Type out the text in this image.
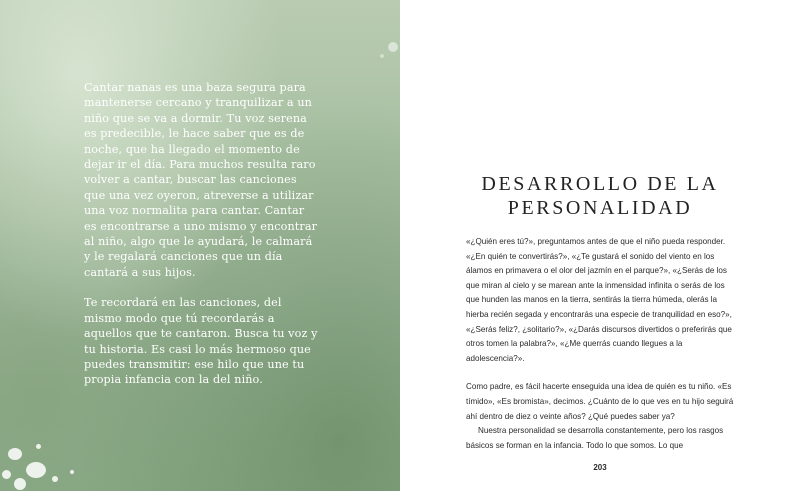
Cantar nanas es una baza segura para mantenerse cercano y tranquilizar a un niño que se va a dormir. Tu voz serena es predecible, le hace saber que es de noche, que ha llegado el momento de dejar ir el día. Para muchos resulta raro volver a cantar, buscar las canciones que una vez oyeron, atreverse a utilizar una voz normalita para cantar. Cantar es encontrarse a uno mismo y encontrar al niño, algo que le ayudará, le calmará y le regalará canciones que un día cantará a sus hijos.

Te recordará en las canciones, del mismo modo que tú recordarás a aquellos que te cantaron. Busca tu voz y tu historia. Es casi lo más hermoso que puedes transmitir: ese hilo que une tu propia infancia con la del niño.

DESARROLLO DE LA
PERSONALIDAD

«¿Quién eres tú?», preguntamos antes de que el niño pueda responder. «¿En quién te convertirás?», «¿Te gustará el sonido del viento en los álamos en primavera o el olor del jazmín en el parque?», «¿Serás de los que miran al cielo y se marean ante la inmensidad infinita o serás de los que hunden las manos en la tierra, sentirás la tierra húmeda, olerás la hierba recién segada y encontrarás una especie de tranquilidad en eso?», «¿Serás feliz?, ¿solitario?», «¿Darás discursos divertidos o preferirás que otros tomen la palabra?», «¿Me querrás cuando llegues a la adolescencia?».

Como padre, es fácil hacerte enseguida una idea de quién es tu niño. «Es tímido», «Es bromista», decimos. ¿Cuánto de lo que ves en tu hijo seguirá ahí dentro de diez o veinte años? ¿Qué puedes saber ya?

Nuestra personalidad se desarrolla constantemente, pero los rasgos básicos se forman en la infancia. Todo lo que somos. Lo que

203
